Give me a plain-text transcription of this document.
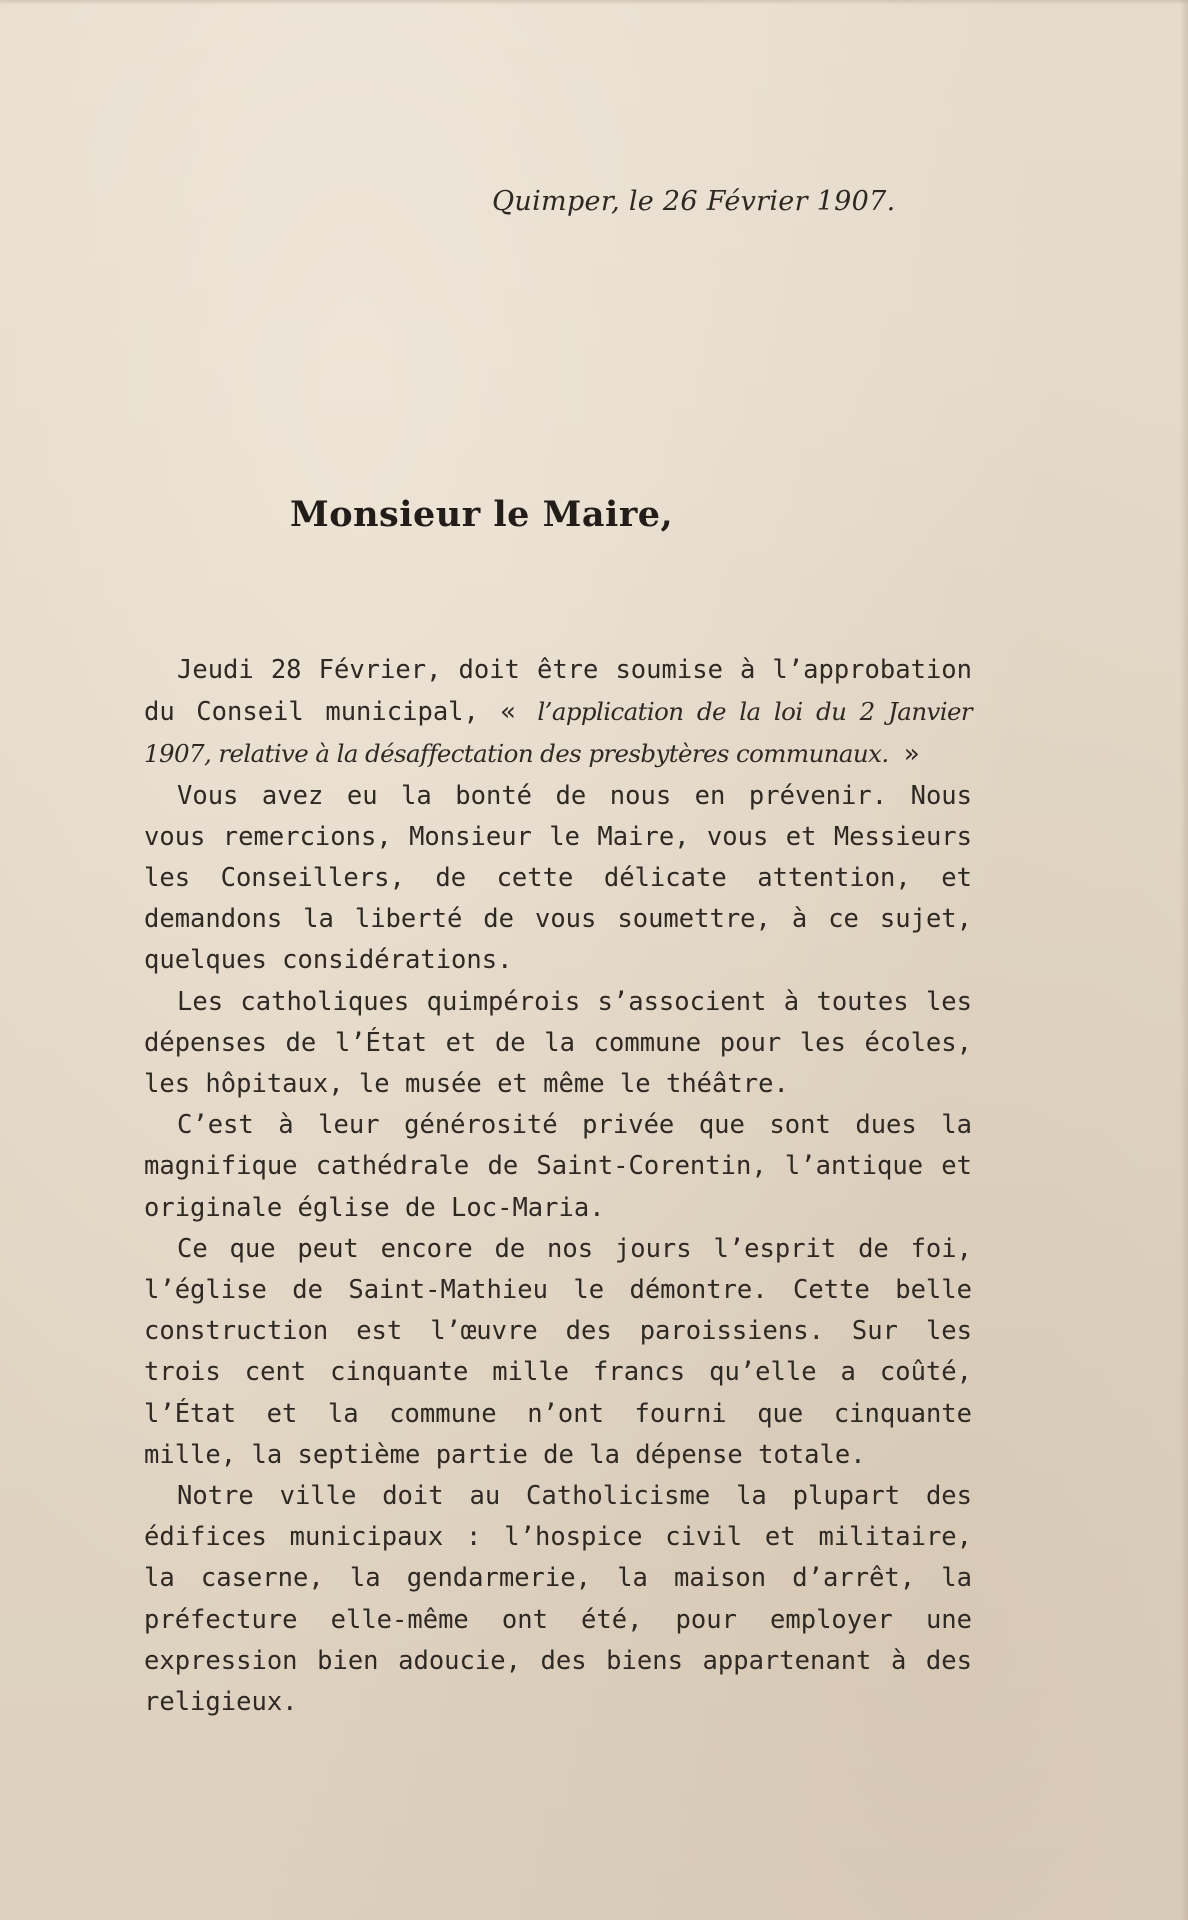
Quimper, le 26 Février 1907.
Monsieur le Maire,

Jeudi 28 Février, doit être soumise à l’approbation du Conseil municipal, « l’application de la loi du 2 Janvier 1907, relative à la désaffectation des presbytères communaux. »

Vous avez eu la bonté de nous en prévenir. Nous vous remercions, Monsieur le Maire, vous et Messieurs les Conseillers, de cette délicate attention, et demandons la liberté de vous soumettre, à ce sujet, quelques considérations.

Les catholiques quimpérois s’associent à toutes les dépenses de l’État et de la commune pour les écoles, les hôpitaux, le musée et même le théâtre.

C’est à leur générosité privée que sont dues la magnifique cathédrale de Saint-Corentin, l’antique et originale église de Loc-Maria.

Ce que peut encore de nos jours l’esprit de foi, l’église de Saint-Mathieu le démontre. Cette belle construction est l’œuvre des paroissiens. Sur les trois cent cinquante mille francs qu’elle a coûté, l’État et la commune n’ont fourni que cinquante mille, la septième partie de la dépense totale.

Notre ville doit au Catholicisme la plupart des édifices municipaux : l’hospice civil et militaire, la caserne, la gendarmerie, la maison d’arrêt, la préfecture elle-même ont été, pour employer une expression bien adoucie, des biens appartenant à des religieux.
